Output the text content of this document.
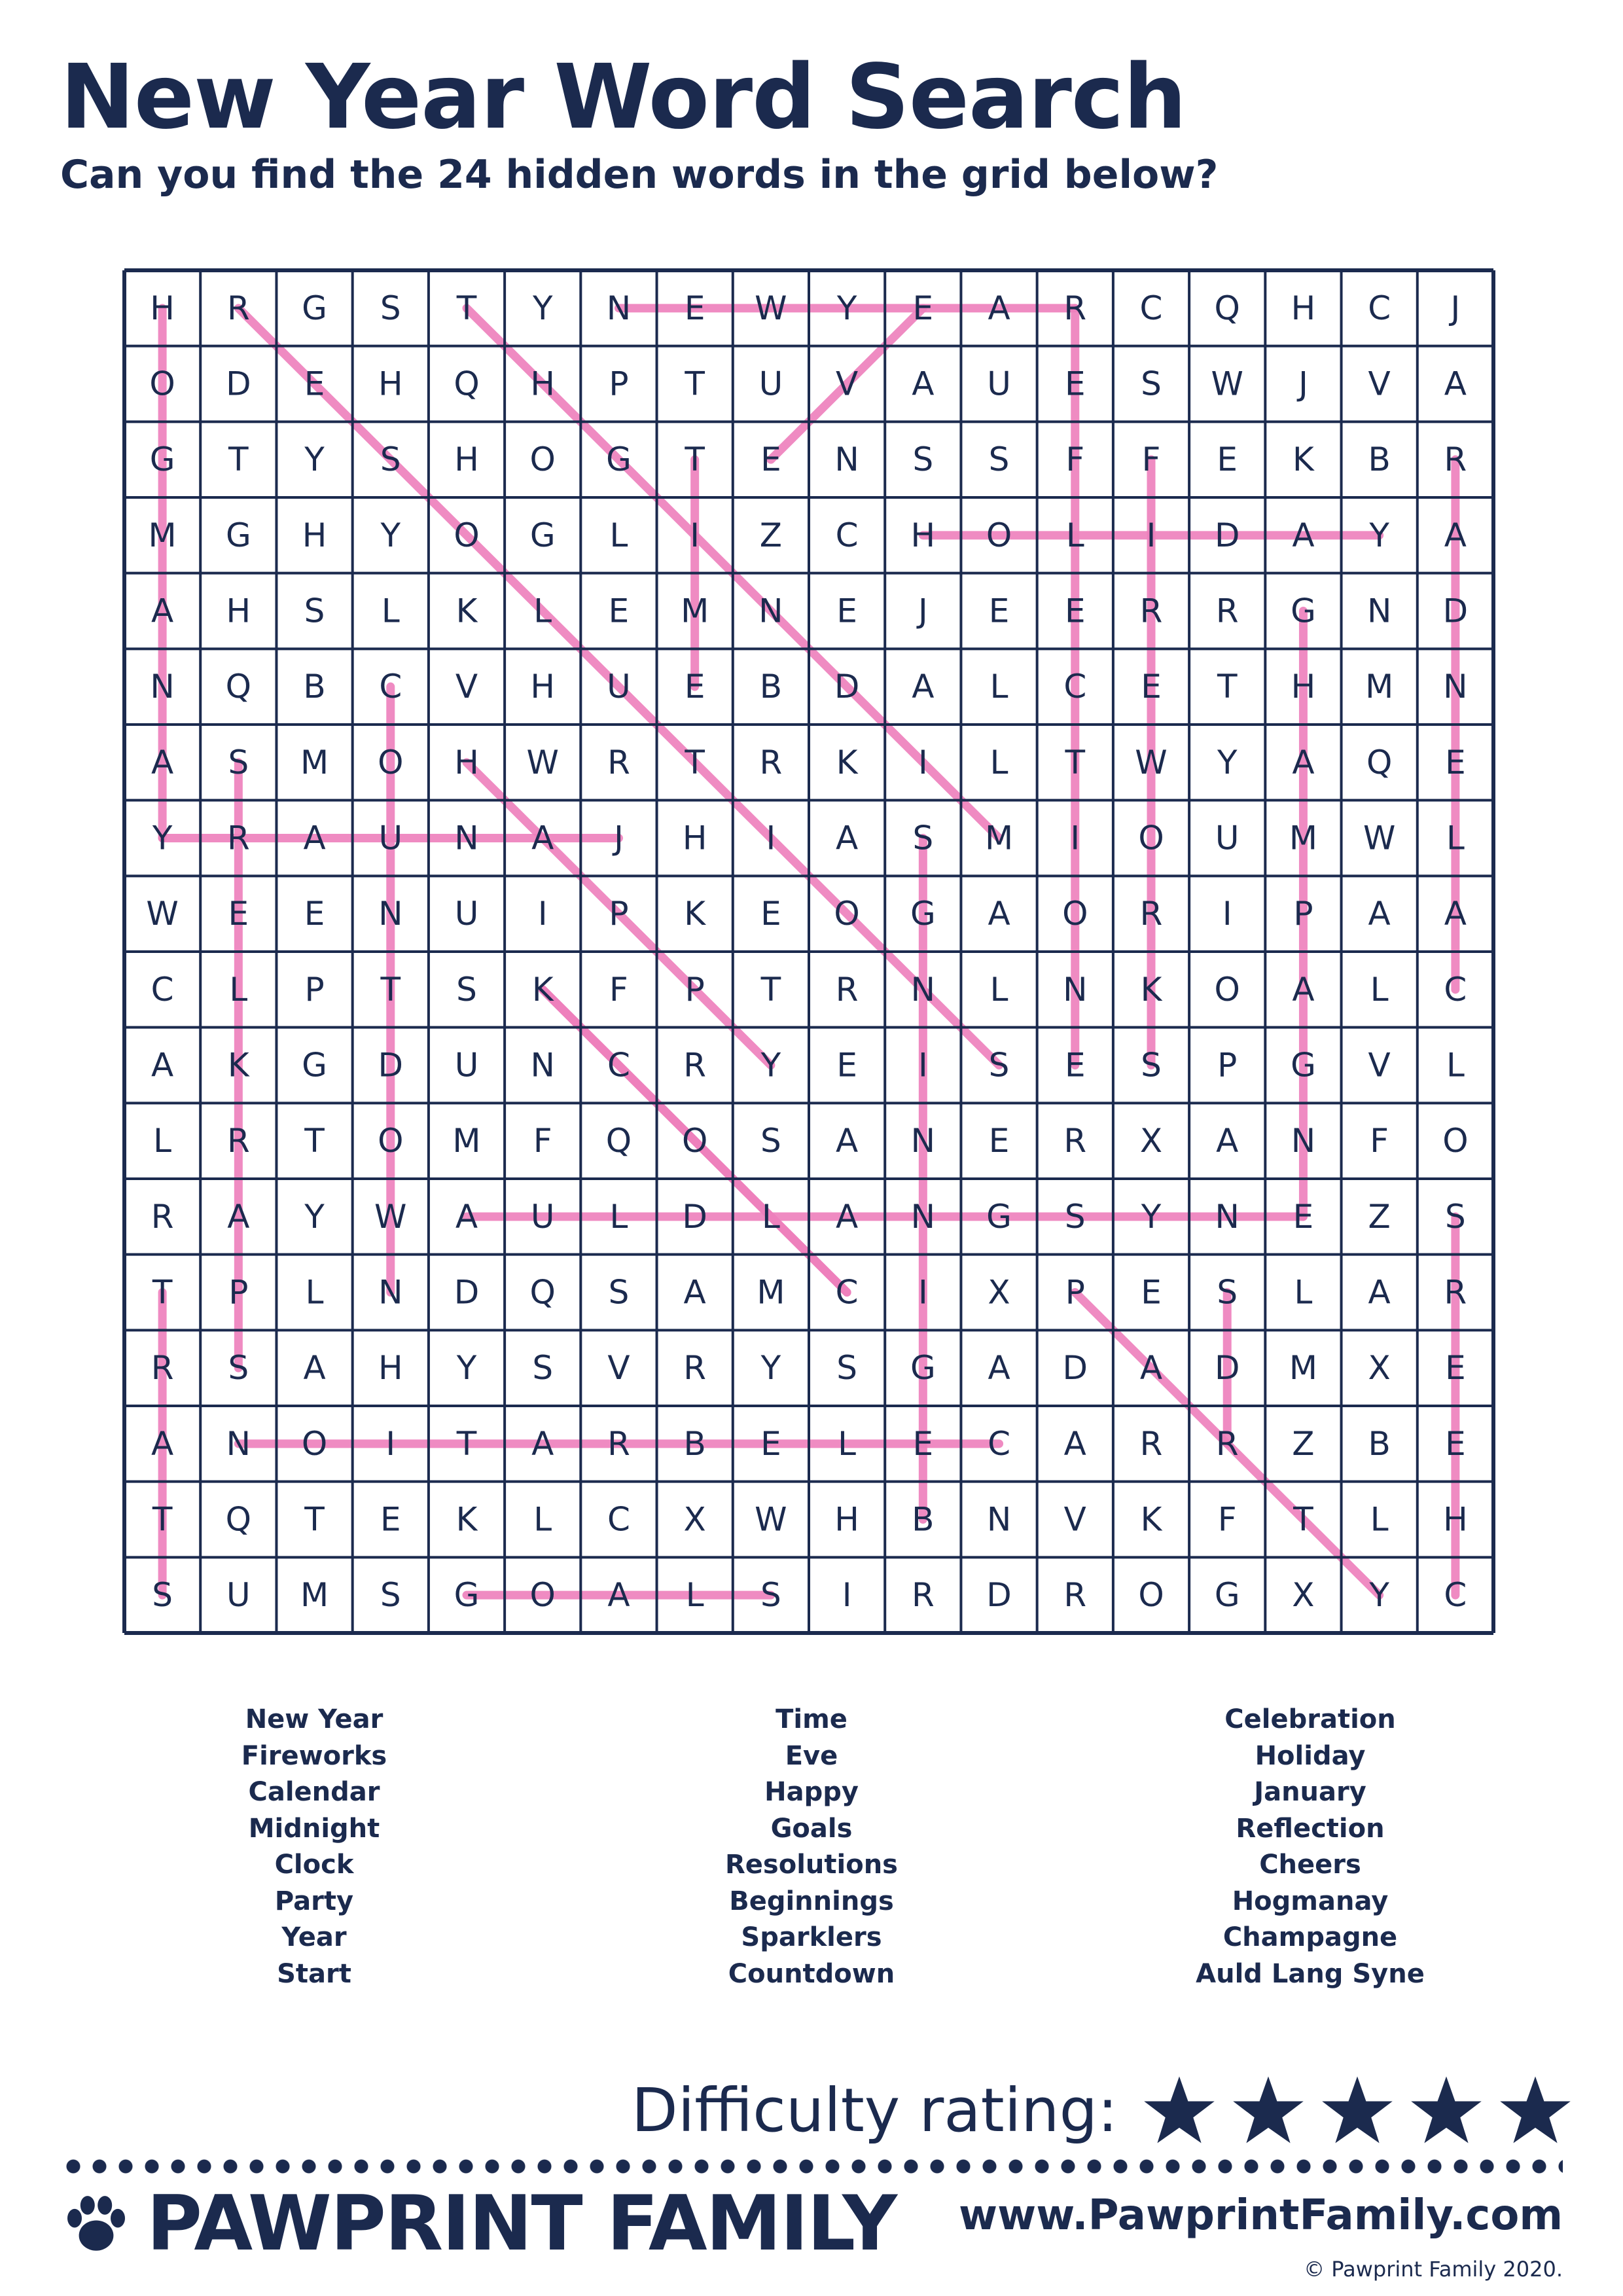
New Year Word Search
Can you find the 24 hidden words in the grid below?
H R G S T Y N E W Y E A R C Q H C J
O D E H Q H P T U V A U E S W J V A
G T Y S H O G T E N S S F F E K B R
M G H Y O G L I Z C H O L I D A Y A
A H S L K L E M N E J E E R R G N D
N Q B C V H U E B D A L C E T H M N
A S M O H W R T R K I L T W Y A Q E
Y R A U N A J H I A S M I O U M W L
W E E N U I P K E O G A O R I P A A
C L P T S K F P T R N L N K O A L C
A K G D U N C R Y E I S E S P G V L
L R T O M F Q O S A N E R X A N F O
R A Y W A U L D L A N G S Y N E Z S
T P L N D Q S A M C I X P E S L A R
R S A H Y S V R Y S G A D A D M X E
A N O I T A R B E L E C A R R Z B E
T Q T E K L C X W H B N V K F T L H
S U M S G O A L S I R D R O G X Y C
New Year
Fireworks
Calendar
Midnight
Clock
Party
Year
Start
Time
Eve
Happy
Goals
Resolutions
Beginnings
Sparklers
Countdown
Celebration
Holiday
January
Reflection
Cheers
Hogmanay
Champagne
Auld Lang Syne
Difficulty rating:
PAWPRINT FAMILY www.PawprintFamily.com
© Pawprint Family 2020.
